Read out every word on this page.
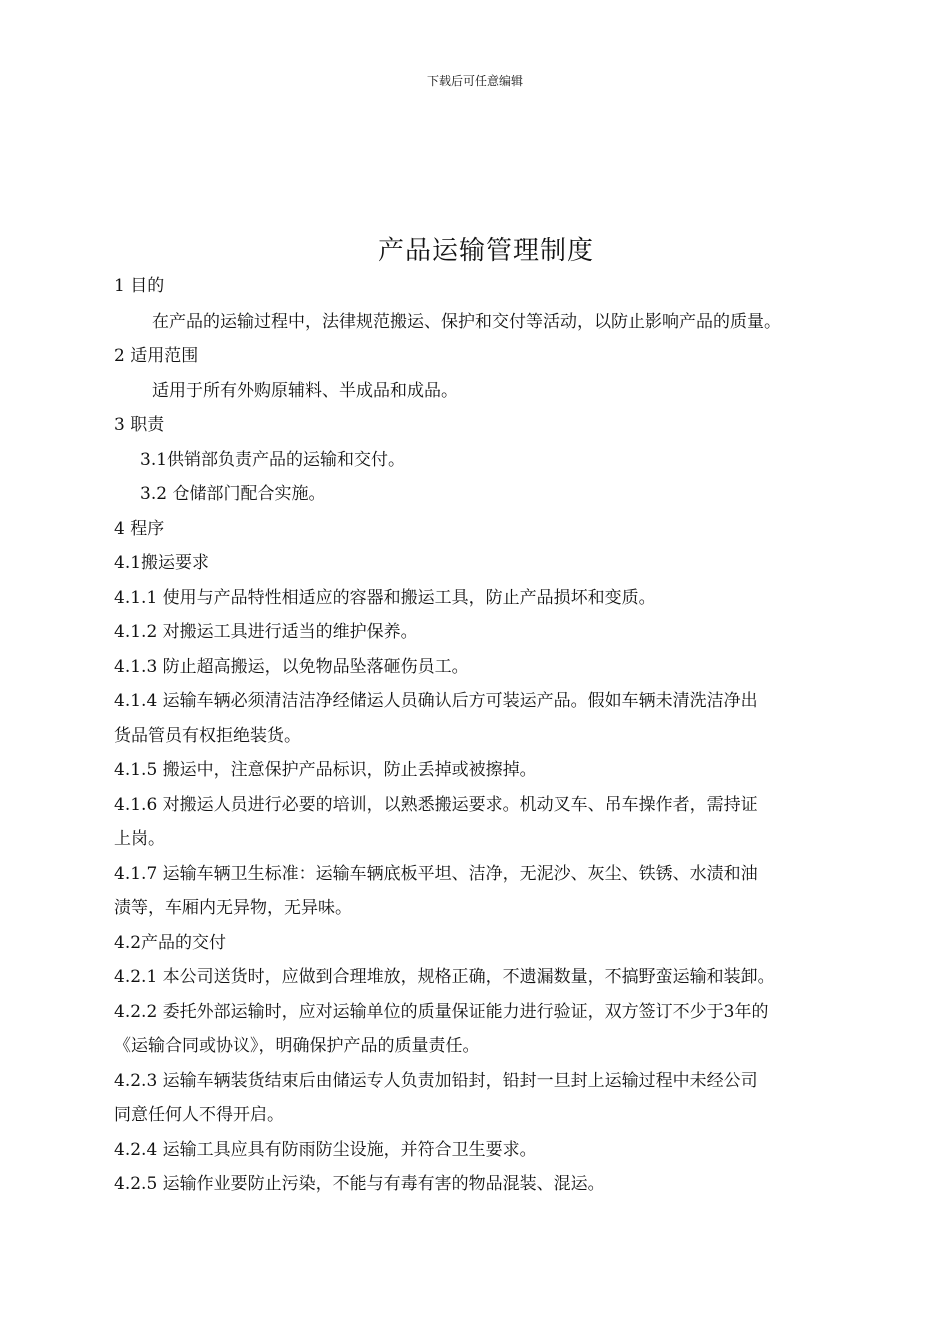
下载后可任意编辑
产品运输管理制度
1 目的
在产品的运输过程中，法律规范搬运、保护和交付等活动，以防止影响产品的质量。
2 适用范围
适用于所有外购原辅料、半成品和成品。
3 职责
3.1供销部负责产品的运输和交付。
3.2 仓储部门配合实施。
4 程序
4.1搬运要求
4.1.1 使用与产品特性相适应的容器和搬运工具，防止产品损坏和变质。
4.1.2 对搬运工具进行适当的维护保养。
4.1.3 防止超高搬运，以免物品坠落砸伤员工。
4.1.4 运输车辆必须清洁洁净经储运人员确认后方可装运产品。假如车辆未清洗洁净出
货品管员有权拒绝装货。
4.1.5 搬运中，注意保护产品标识，防止丢掉或被擦掉。
4.1.6 对搬运人员进行必要的培训，以熟悉搬运要求。机动叉车、吊车操作者，需持证
上岗。
4.1.7 运输车辆卫生标准：运输车辆底板平坦、洁净，无泥沙、灰尘、铁锈、水渍和油
渍等，车厢内无异物，无异味。
4.2产品的交付
4.2.1 本公司送货时，应做到合理堆放，规格正确，不遗漏数量，不搞野蛮运输和装卸。
4.2.2 委托外部运输时，应对运输单位的质量保证能力进行验证，双方签订不少于3年的
《运输合同或协议》，明确保护产品的质量责任。
4.2.3 运输车辆装货结束后由储运专人负责加铅封，铅封一旦封上运输过程中未经公司
同意任何人不得开启。
4.2.4 运输工具应具有防雨防尘设施，并符合卫生要求。
4.2.5 运输作业要防止污染，不能与有毒有害的物品混装、混运。
